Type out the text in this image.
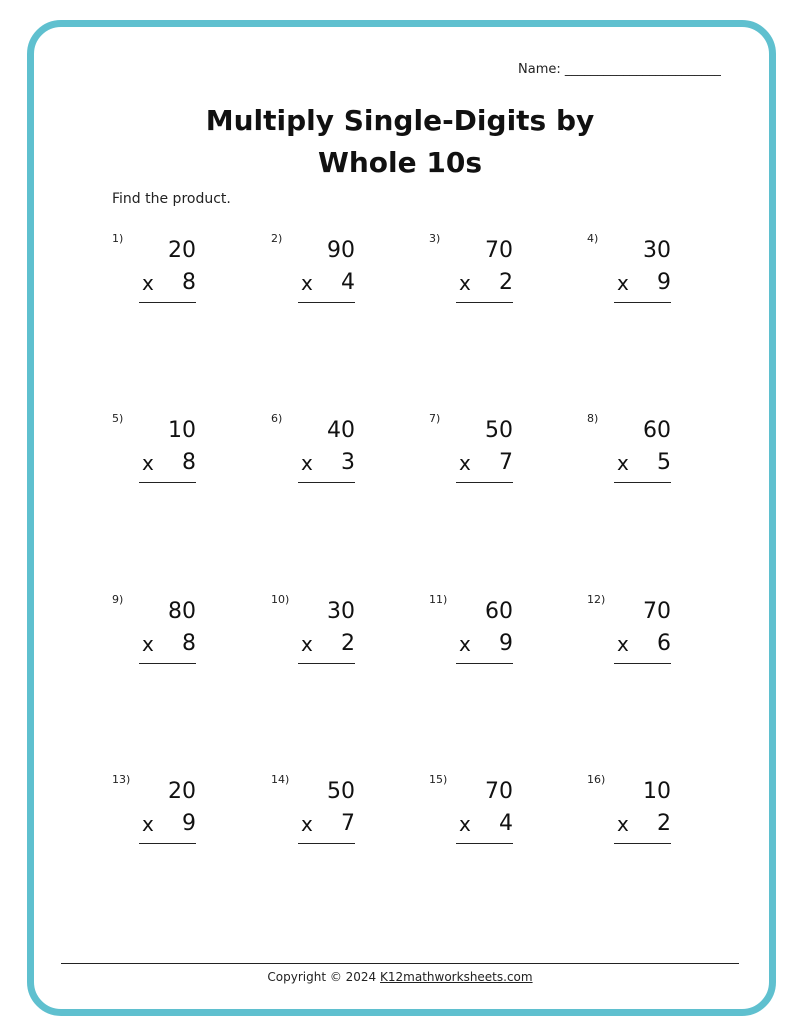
Name: ________________________
Multiply Single-Digits by
Whole 10s
Find the product.
1) 20
x 8
2) 90
x 4
3) 70
x 2
4) 30
x 9
5) 10
x 8
6) 40
x 3
7) 50
x 7
8) 60
x 5
9) 80
x 8
10) 30
x 2
11) 60
x 9
12) 70
x 6
13) 20
x 9
14) 50
x 7
15) 70
x 4
16) 10
x 2
Copyright © 2024 K12mathworksheets.com
